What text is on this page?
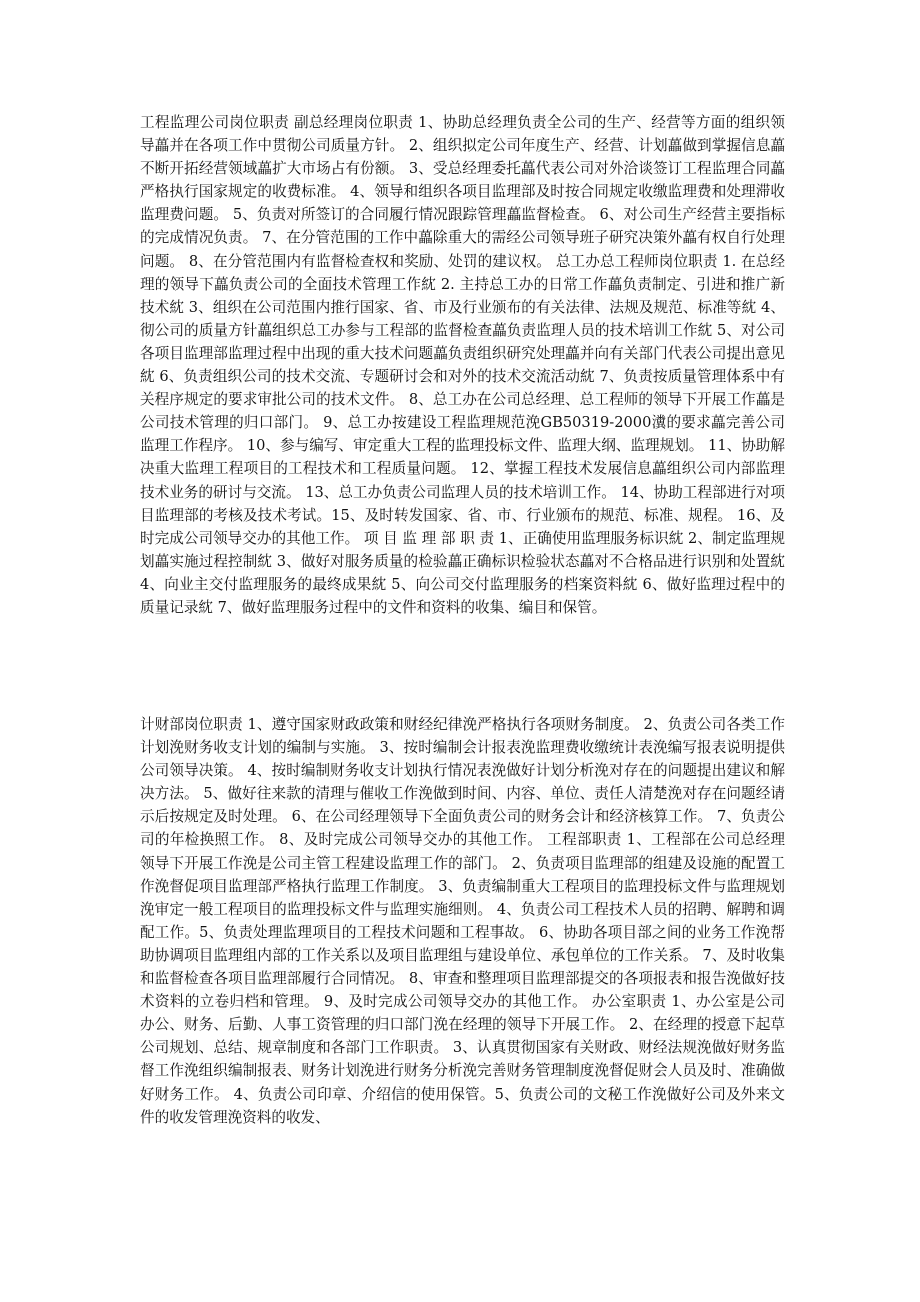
工程监理公司岗位职责 副总经理岗位职责 1、协助总经理负责全公司的生产、经营等方面的组织领导藟并在各项工作中贯彻公司质量方针。 2、组织拟定公司年度生产、经营、计划藟做到掌握信息藟不断开拓经营领域藟扩大市场占有份额。 3、受总经理委托藟代表公司对外洽谈签订工程监理合同藟严格执行国家规定的收费标准。 4、领导和组织各项目监理部及时按合同规定收缴监理费和处理滞收监理费问题。 5、负责对所签订的合同履行情况跟踪管理藟监督检查。 6、对公司生产经营主要指标的完成情况负责。 7、在分管范围的工作中藟除重大的需经公司领导班子研究决策外藟有权自行处理问题。 8、在分管范围内有监督检查权和奖励、处罚的建议权。 总工办总工程师岗位职责 1. 在总经理的领导下藟负责公司的全面技术管理工作紞 2. 主持总工办的日常工作藟负责制定、引进和推广新技术紞 3、组织在公司范围内推行国家、省、市及行业颁布的有关法律、法规及规范、标准等紞 4、彻公司的质量方针藟组织总工办参与工程部的监督检查藟负责监理人员的技术培训工作紞 5、对公司各项目监理部监理过程中出现的重大技术问题藟负责组织研究处理藟并向有关部门代表公司提出意见紞 6、负责组织公司的技术交流、专题研讨会和对外的技术交流活动紞 7、负责按质量管理体系中有关程序规定的要求审批公司的技术文件。 8、总工办在公司总经理、总工程师的领导下开展工作藟是公司技术管理的归口部门。 9、总工办按建设工程监理规范浼GB50319-2000瀵的要求藟完善公司监理工作程序。 10、参与编写、审定重大工程的监理投标文件、监理大纲、监理规划。 11、协助解决重大监理工程项目的工程技术和工程质量问题。 12、掌握工程技术发展信息藟组织公司内部监理技术业务的研讨与交流。 13、总工办负责公司监理人员的技术培训工作。 14、协助工程部进行对项目监理部的考核及技术考试。15、及时转发国家、省、市、行业颁布的规范、标准、规程。 16、及时完成公司领导交办的其他工作。 项 目 监 理 部 职 责 1、正确使用监理服务标识紞 2、制定监理规划藟实施过程控制紞 3、做好对服务质量的检验藟正确标识检验状态藟对不合格品进行识别和处置紞 4、向业主交付监理服务的最终成果紞 5、向公司交付监理服务的档案资料紞 6、做好监理过程中的质量记录紞 7、做好监理服务过程中的文件和资料的收集、编目和保管。

计财部岗位职责 1、遵守国家财政政策和财经纪律浼严格执行各项财务制度。 2、负责公司各类工作计划浼财务收支计划的编制与实施。 3、按时编制会计报表浼监理费收缴统计表浼编写报表说明提供公司领导决策。 4、按时编制财务收支计划执行情况表浼做好计划分析浼对存在的问题提出建议和解决方法。 5、做好往来款的清理与催收工作浼做到时间、内容、单位、责任人清楚浼对存在问题经请示后按规定及时处理。 6、在公司经理领导下全面负责公司的财务会计和经济核算工作。 7、负责公司的年检换照工作。 8、及时完成公司领导交办的其他工作。 工程部职责 1、工程部在公司总经理领导下开展工作浼是公司主管工程建设监理工作的部门。 2、负责项目监理部的组建及设施的配置工作浼督促项目监理部严格执行监理工作制度。 3、负责编制重大工程项目的监理投标文件与监理规划浼审定一般工程项目的监理投标文件与监理实施细则。 4、负责公司工程技术人员的招聘、解聘和调配工作。5、负责处理监理项目的工程技术问题和工程事故。 6、协助各项目部之间的业务工作浼帮助协调项目监理组内部的工作关系以及项目监理组与建设单位、承包单位的工作关系。 7、及时收集和监督检查各项目监理部履行合同情况。 8、审查和整理项目监理部提交的各项报表和报告浼做好技术资料的立卷归档和管理。 9、及时完成公司领导交办的其他工作。 办公室职责 1、办公室是公司办公、财务、后勤、人事工资管理的归口部门浼在经理的领导下开展工作。 2、在经理的授意下起草公司规划、总结、规章制度和各部门工作职责。 3、认真贯彻国家有关财政、财经法规浼做好财务监督工作浼组织编制报表、财务计划浼进行财务分析浼完善财务管理制度浼督促财会人员及时、准确做好财务工作。 4、负责公司印章、介绍信的使用保管。5、负责公司的文秘工作浼做好公司及外来文件的收发管理浼资料的收发、
